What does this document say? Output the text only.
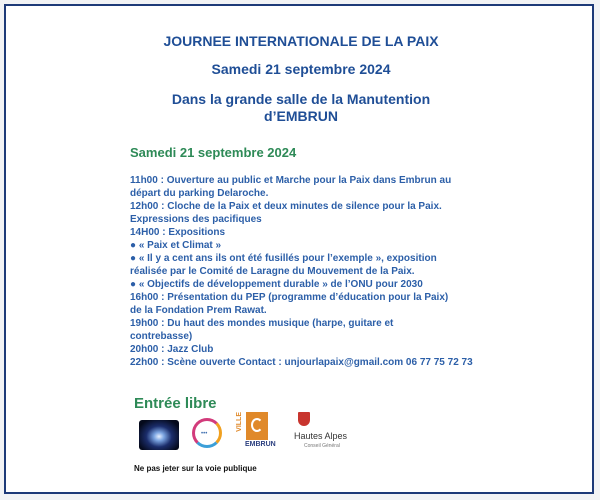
JOURNEE INTERNATIONALE DE LA PAIX
Samedi 21 septembre 2024
Dans la grande salle de la Manutention
d’EMBRUN
Samedi 21 septembre 2024
11h00 : Ouverture au public et Marche pour la Paix dans Embrun au
départ du parking Delaroche.
12h00 : Cloche de la Paix et deux minutes de silence pour la Paix.
Expressions des pacifiques
14H00 : Expositions
● « Paix et Climat »
● « Il y a cent ans ils ont été fusillés pour l’exemple », exposition
réalisée par le Comité de Laragne du Mouvement de la Paix.
● « Objectifs de développement durable » de l’ONU pour 2030
16h00 : Présentation du PEP (programme d’éducation pour la Paix)
de la Fondation Prem Rawat.
19h00 : Du haut des mondes musique (harpe, guitare et
contrebasse)
20h00 : Jazz Club
22h00 : Scène ouverte Contact : unjourlapaix@gmail.com 06 77 75 72 73
Entrée libre
•••
VILLE
EMBRUN
Hautes Alpes
Conseil Général
Ne pas jeter sur la voie publique
